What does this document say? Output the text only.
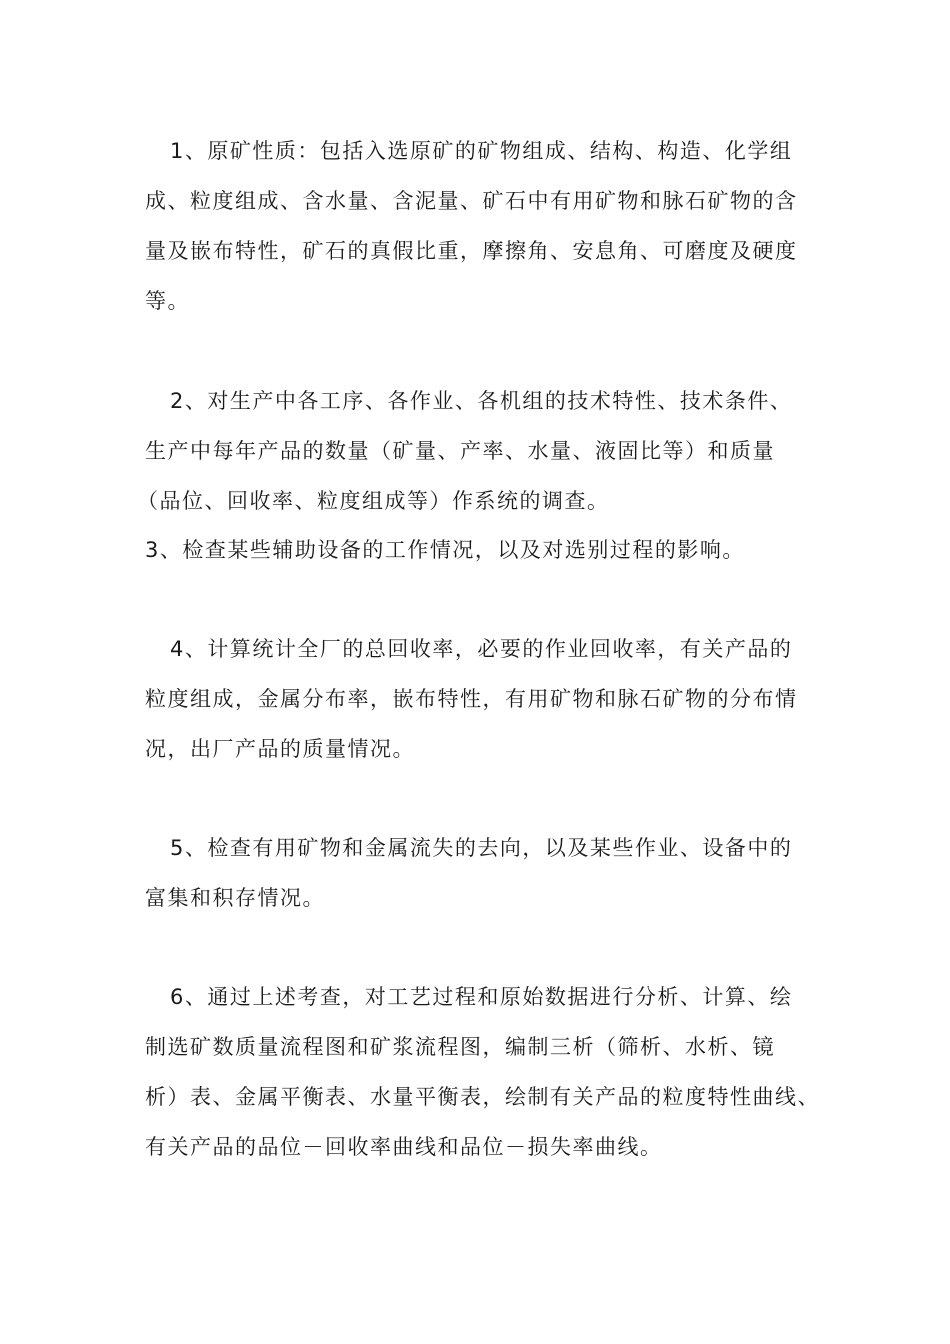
1、原矿性质：包括入选原矿的矿物组成、结构、构造、化学组
成、粒度组成、含水量、含泥量、矿石中有用矿物和脉石矿物的含
量及嵌布特性，矿石的真假比重，摩擦角、安息角、可磨度及硬度
等。
2、对生产中各工序、各作业、各机组的技术特性、技术条件、
生产中每年产品的数量（矿量、产率、水量、液固比等）和质量
（品位、回收率、粒度组成等）作系统的调查。
3、检查某些辅助设备的工作情况，以及对选别过程的影响。
4、计算统计全厂的总回收率，必要的作业回收率，有关产品的
粒度组成，金属分布率，嵌布特性，有用矿物和脉石矿物的分布情
况，出厂产品的质量情况。
5、检查有用矿物和金属流失的去向，以及某些作业、设备中的
富集和积存情况。
6、通过上述考查，对工艺过程和原始数据进行分析、计算、绘
制选矿数质量流程图和矿浆流程图，编制三析（筛析、水析、镜
析）表、金属平衡表、水量平衡表，绘制有关产品的粒度特性曲线、
有关产品的品位－回收率曲线和品位－损失率曲线。
